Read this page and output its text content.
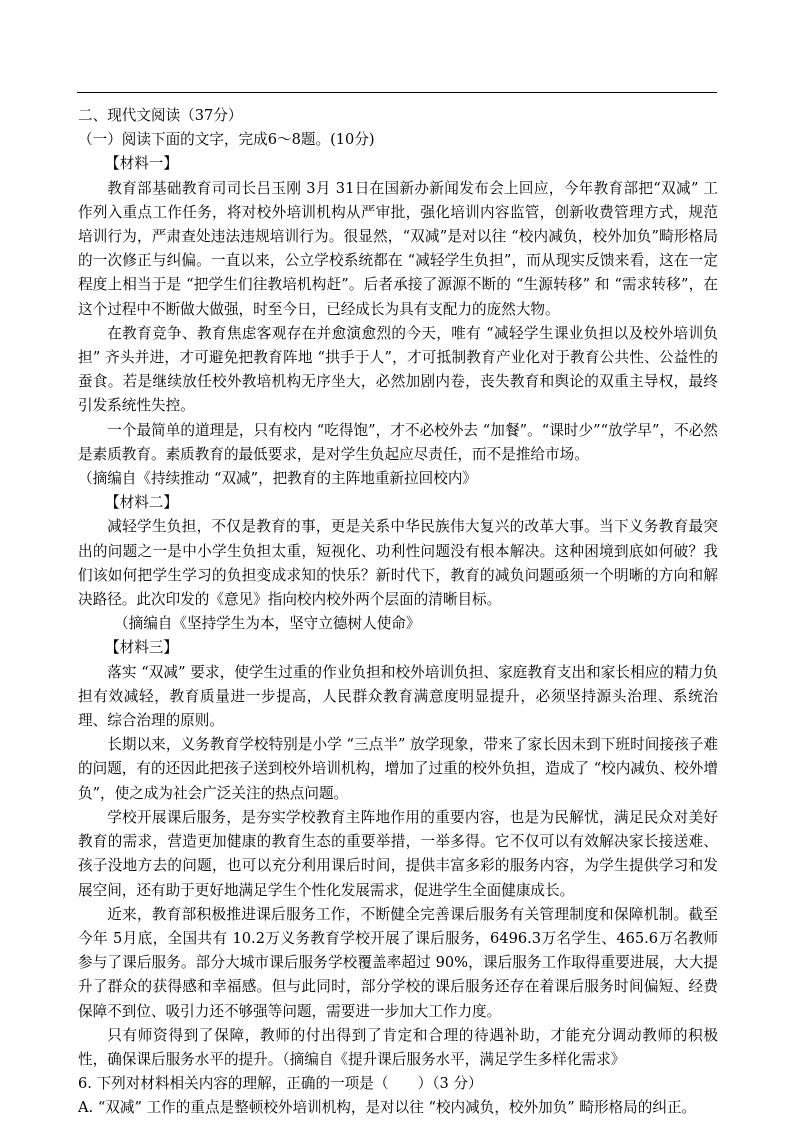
二、现代文阅读（37分）

（一）阅读下面的文字，完成6～8题。(10分)

【材料一】

教育部基础教育司司长吕玉刚 3月 31日在国新办新闻发布会上回应，今年教育部把“双减” 工作列入重点工作任务，将对校外培训机构从严审批，强化培训内容监管，创新收费管理方式，规范培训行为，严肃查处违法违规培训行为。很显然，“双减”是对以往 “校内减负，校外加负”畸形格局的一次修正与纠偏。一直以来，公立学校系统都在 “减轻学生负担”，而从现实反馈来看，这在一定程度上相当于是 “把学生们往教培机构赶”。后者承接了源源不断的 “生源转移” 和 “需求转移”，在这个过程中不断做大做强，时至今日，已经成长为具有支配力的庞然大物。

在教育竞争、教育焦虑客观存在并愈演愈烈的今天，唯有 “减轻学生课业负担以及校外培训负担” 齐头并进，才可避免把教育阵地 “拱手于人”，才可抵制教育产业化对于教育公共性、公益性的蚕食。若是继续放任校外教培机构无序坐大，必然加剧内卷，丧失教育和舆论的双重主导权，最终引发系统性失控。

一个最简单的道理是，只有校内 “吃得饱”，才不必校外去 “加餐”。“课时少”“放学早”，不必然是素质教育。素质教育的最低要求，是对学生负起应尽责任，而不是推给市场。

（摘编自《持续推动 “双减”，把教育的主阵地重新拉回校内》

【材料二】

减轻学生负担，不仅是教育的事，更是关系中华民族伟大复兴的改革大事。当下义务教育最突出的问题之一是中小学生负担太重，短视化、功利性问题没有根本解决。这种困境到底如何破？我们该如何把学生学习的负担变成求知的快乐？新时代下，教育的减负问题亟须一个明晰的方向和解决路径。此次印发的《意见》指向校内校外两个层面的清晰目标。

（摘编自《坚持学生为本，坚守立德树人使命》

【材料三】

落实 “双减” 要求，使学生过重的作业负担和校外培训负担、家庭教育支出和家长相应的精力负担有效减轻，教育质量进一步提高，人民群众教育满意度明显提升，必须坚持源头治理、系统治理、综合治理的原则。

长期以来，义务教育学校特别是小学 “三点半” 放学现象，带来了家长因未到下班时间接孩子难的问题，有的还因此把孩子送到校外培训机构，增加了过重的校外负担，造成了 “校内减负、校外增负”，使之成为社会广泛关注的热点问题。

学校开展课后服务，是夯实学校教育主阵地作用的重要内容，也是为民解忧，满足民众对美好教育的需求，营造更加健康的教育生态的重要举措，一举多得。它不仅可以有效解决家长接送难、孩子没地方去的问题，也可以充分利用课后时间，提供丰富多彩的服务内容，为学生提供学习和发展空间，还有助于更好地满足学生个性化发展需求，促进学生全面健康成长。

近来，教育部积极推进课后服务工作，不断健全完善课后服务有关管理制度和保障机制。截至今年 5月底，全国共有 10.2万义务教育学校开展了课后服务，6496.3万名学生、465.6万名教师参与了课后服务。部分大城市课后服务学校覆盖率超过 90%，课后服务工作取得重要进展，大大提升了群众的获得感和幸福感。但与此同时，部分学校的课后服务还存在着课后服务时间偏短、经费保障不到位、吸引力还不够强等问题，需要进一步加大工作力度。

只有师资得到了保障，教师的付出得到了肯定和合理的待遇补助，才能充分调动教师的积极性，确保课后服务水平的提升。（摘编自《提升课后服务水平，满足学生多样化需求》

6. 下列对材料相关内容的理解，正确的一项是（　　）（3 分）

A. “双减” 工作的重点是整顿校外培训机构，是对以往 “校内减负，校外加负” 畸形格局的纠正。
